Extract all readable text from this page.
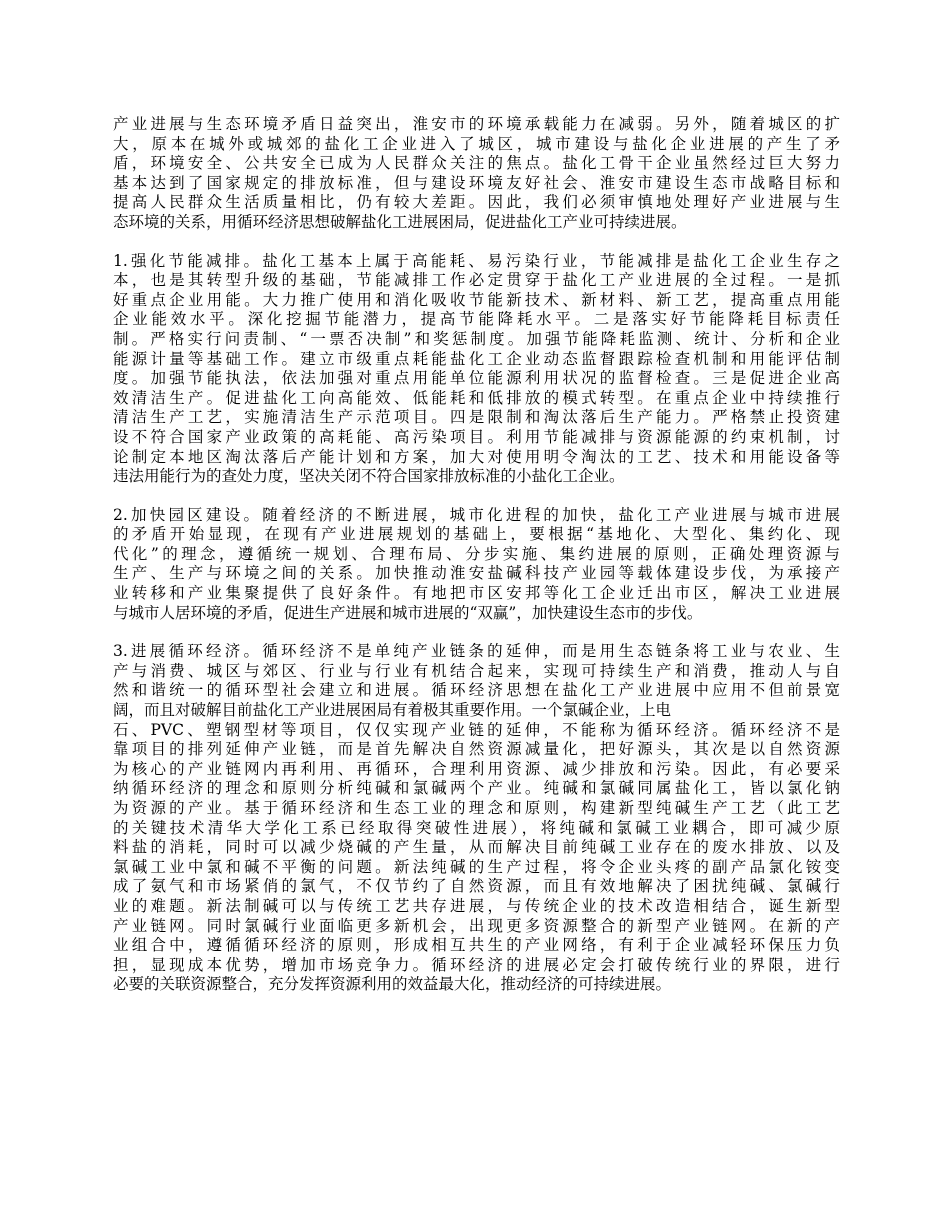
产业进展与生态环境矛盾日益突出，淮安市的环境承载能力在减弱。另外，随着城区的扩
大，原本在城外或城郊的盐化工企业进入了城区，城市建设与盐化企业进展的产生了矛
盾，环境安全、公共安全已成为人民群众关注的焦点。盐化工骨干企业虽然经过巨大努力
基本达到了国家规定的排放标准，但与建设环境友好社会、淮安市建设生态市战略目标和
提高人民群众生活质量相比，仍有较大差距。因此，我们必须审慎地处理好产业进展与生
态环境的关系，用循环经济思想破解盐化工进展困局，促进盐化工产业可持续进展。

1.强化节能减排。盐化工基本上属于高能耗、易污染行业，节能减排是盐化工企业生存之
本，也是其转型升级的基础，节能减排工作必定贯穿于盐化工产业进展的全过程。一是抓
好重点企业用能。大力推广使用和消化吸收节能新技术、新材料、新工艺，提高重点用能
企业能效水平。深化挖掘节能潜力，提高节能降耗水平。二是落实好节能降耗目标责任
制。严格实行问责制、“一票否决制”和奖惩制度。加强节能降耗监测、统计、分析和企业
能源计量等基础工作。建立市级重点耗能盐化工企业动态监督跟踪检查机制和用能评估制
度。加强节能执法，依法加强对重点用能单位能源利用状况的监督检查。三是促进企业高
效清洁生产。促进盐化工向高能效、低能耗和低排放的模式转型。在重点企业中持续推行
清洁生产工艺，实施清洁生产示范项目。四是限制和淘汰落后生产能力。严格禁止投资建
设不符合国家产业政策的高耗能、高污染项目。利用节能减排与资源能源的约束机制，讨
论制定本地区淘汰落后产能计划和方案，加大对使用明令淘汰的工艺、技术和用能设备等
违法用能行为的查处力度，坚决关闭不符合国家排放标准的小盐化工企业。

2.加快园区建设。随着经济的不断进展，城市化进程的加快，盐化工产业进展与城市进展
的矛盾开始显现，在现有产业进展规划的基础上，要根据“基地化、大型化、集约化、现
代化”的理念，遵循统一规划、合理布局、分步实施、集约进展的原则，正确处理资源与
生产、生产与环境之间的关系。加快推动淮安盐碱科技产业园等载体建设步伐，为承接产
业转移和产业集聚提供了良好条件。有地把市区安邦等化工企业迁出市区，解决工业进展
与城市人居环境的矛盾，促进生产进展和城市进展的“双赢”，加快建设生态市的步伐。

3.进展循环经济。循环经济不是单纯产业链条的延伸，而是用生态链条将工业与农业、生
产与消费、城区与郊区、行业与行业有机结合起来，实现可持续生产和消费，推动人与自
然和谐统一的循环型社会建立和进展。循环经济思想在盐化工产业进展中应用不但前景宽
阔，而且对破解目前盐化工产业进展困局有着极其重要作用。一个氯碱企业，上电
石、PVC、塑钢型材等项目，仅仅实现产业链的延伸，不能称为循环经济。循环经济不是
靠项目的排列延伸产业链，而是首先解决自然资源减量化，把好源头，其次是以自然资源
为核心的产业链网内再利用、再循环，合理利用资源、减少排放和污染。因此，有必要采
纳循环经济的理念和原则分析纯碱和氯碱两个产业。纯碱和氯碱同属盐化工，皆以氯化钠
为资源的产业。基于循环经济和生态工业的理念和原则，构建新型纯碱生产工艺（此工艺
的关键技术清华大学化工系已经取得突破性进展），将纯碱和氯碱工业耦合，即可减少原
料盐的消耗，同时可以减少烧碱的产生量，从而解决目前纯碱工业存在的废水排放、以及
氯碱工业中氯和碱不平衡的问题。新法纯碱的生产过程，将令企业头疼的副产品氯化铵变
成了氨气和市场紧俏的氯气，不仅节约了自然资源，而且有效地解决了困扰纯碱、氯碱行
业的难题。新法制碱可以与传统工艺共存进展，与传统企业的技术改造相结合，诞生新型
产业链网。同时氯碱行业面临更多新机会，出现更多资源整合的新型产业链网。在新的产
业组合中，遵循循环经济的原则，形成相互共生的产业网络，有利于企业减轻环保压力负
担，显现成本优势，增加市场竞争力。循环经济的进展必定会打破传统行业的界限，进行
必要的关联资源整合，充分发挥资源利用的效益最大化，推动经济的可持续进展。
